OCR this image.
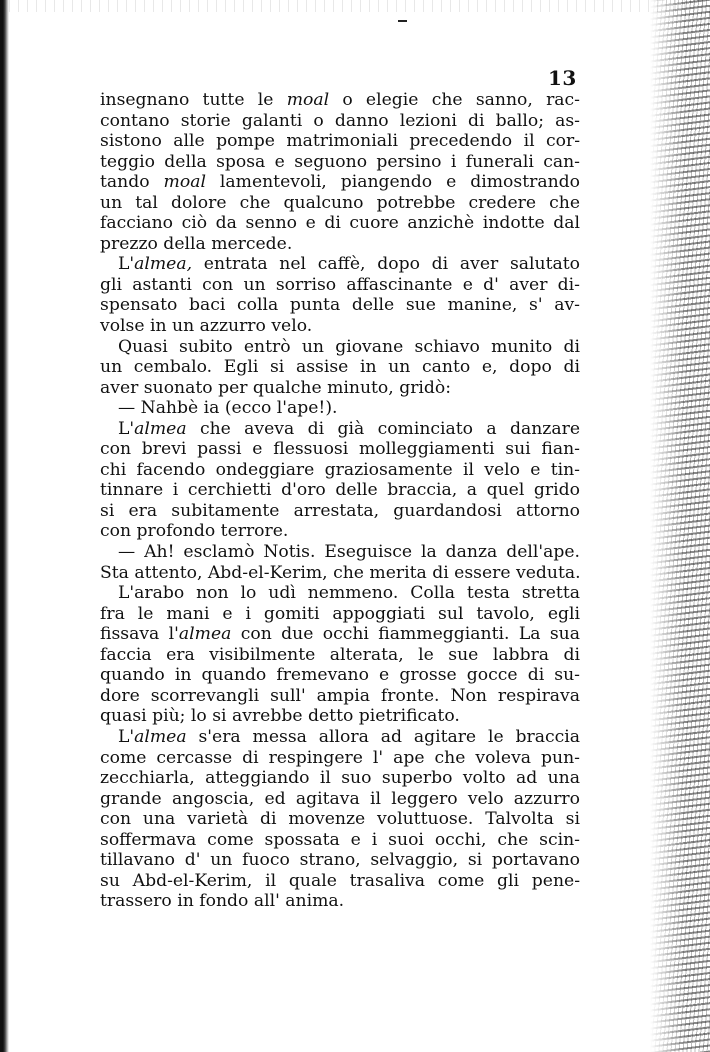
13
insegnano tutte le moal o elegie che sanno, rac-
contano storie galanti o danno lezioni di ballo; as-
sistono alle pompe matrimoniali precedendo il cor-
teggio della sposa e seguono persino i funerali can-
tando moal lamentevoli, piangendo e dimostrando
un tal dolore che qualcuno potrebbe credere che
facciano ciò da senno e di cuore anzichè indotte dal
prezzo della mercede.
L'almea, entrata nel caffè, dopo di aver salutato
gli astanti con un sorriso affascinante e d' aver di-
spensato baci colla punta delle sue manine, s' av-
volse in un azzurro velo.
Quasi subito entrò un giovane schiavo munito di
un cembalo. Egli si assise in un canto e, dopo di
aver suonato per qualche minuto, gridò:
— Nahbè ia (ecco l'ape!).
L'almea che aveva di già cominciato a danzare
con brevi passi e flessuosi molleggiamenti sui fian-
chi facendo ondeggiare graziosamente il velo e tin-
tinnare i cerchietti d'oro delle braccia, a quel grido
si era subitamente arrestata, guardandosi attorno
con profondo terrore.
— Ah! esclamò Notis. Eseguisce la danza dell'ape.
Sta attento, Abd-el-Kerim, che merita di essere veduta.
L'arabo non lo udì nemmeno. Colla testa stretta
fra le mani e i gomiti appoggiati sul tavolo, egli
fissava l'almea con due occhi fiammeggianti. La sua
faccia era visibilmente alterata, le sue labbra di
quando in quando fremevano e grosse gocce di su-
dore scorrevangli sull' ampia fronte. Non respirava
quasi più; lo si avrebbe detto pietrificato.
L'almea s'era messa allora ad agitare le braccia
come cercasse di respingere l' ape che voleva pun-
zecchiarla, atteggiando il suo superbo volto ad una
grande angoscia, ed agitava il leggero velo azzurro
con una varietà di movenze voluttuose. Talvolta si
soffermava come spossata e i suoi occhi, che scin-
tillavano d' un fuoco strano, selvaggio, si portavano
su Abd-el-Kerim, il quale trasaliva come gli pene-
trassero in fondo all' anima.
